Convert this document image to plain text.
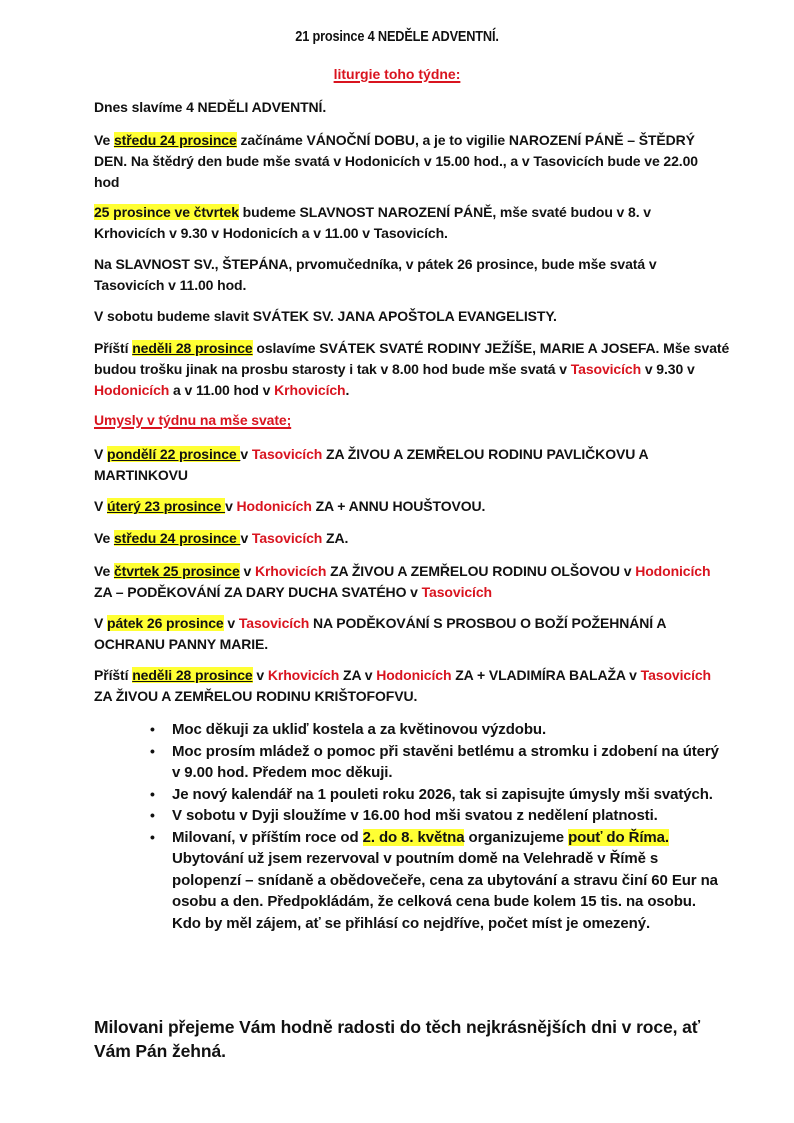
21 prosince 4 NEDĚLE ADVENTNÍ.
liturgie toho týdne:
Dnes slavíme 4 NEDĚLI ADVENTNÍ.
Ve středu 24 prosince začínáme VÁNOČNÍ DOBU, a je to vigilie NAROZENÍ PÁNĚ – ŠTĚDRÝ DEN. Na štědrý den bude mše svatá v Hodonicích v 15.00 hod., a v Tasovicích bude ve 22.00 hod
25 prosince ve čtvrtek budeme SLAVNOST NAROZENÍ PÁNĚ, mše svaté budou v 8. v Krhovicích v 9.30 v Hodonicích a v 11.00 v Tasovicích.
Na SLAVNOST SV., ŠTEPÁNA, prvomučedníka, v pátek 26 prosince, bude mše svatá v Tasovicích v 11.00 hod.
V sobotu budeme slavit SVÁTEK SV. JANA APOŠTOLA EVANGELISTY.
Příští neděli 28 prosince oslavíme SVÁTEK SVATÉ RODINY JEŽÍŠE, MARIE A JOSEFA. Mše svaté budou trošku jinak na prosbu starosty i tak v 8.00 hod bude mše svatá v Tasovicích v 9.30 v Hodonicích a v 11.00 hod v Krhovicích.
Umysly v týdnu na mše svate;
V pondělí 22 prosince v Tasovicích ZA ŽIVOU A ZEMŘELOU RODINU PAVLIČKOVU A MARTINKOVU
V úterý 23 prosince v Hodonicích ZA + ANNU HOUŠTOVOU.
Ve středu 24 prosince v Tasovicích ZA.
Ve čtvrtek 25 prosince v Krhovicích ZA ŽIVOU A ZEMŘELOU RODINU OLŠOVOU v Hodonicích ZA – PODĚKOVÁNÍ ZA DARY DUCHA SVATÉHO v Tasovicích
V pátek 26 prosince v Tasovicích NA PODĚKOVÁNÍ S PROSBOU O BOŽÍ POŽEHNÁNÍ A OCHRANU PANNY MARIE.
Příští neděli 28 prosince v Krhovicích ZA v Hodonicích ZA + VLADIMÍRA BALAŽA v Tasovicích ZA ŽIVOU A ZEMŘELOU RODINU KRIŠTOFOFVU.
• Moc děkuji za ukliď kostela a za květinovou výzdobu.
• Moc prosím mládež o pomoc při stavěni betlému a stromku i zdobení na úterý v 9.00 hod. Předem moc děkuji.
• Je nový kalendář na 1 pouleti roku 2026, tak si zapisujte úmysly mši svatých.
• V sobotu v Dyji sloužíme v 16.00 hod mši svatou z nedělení platnosti.
• Milovaní, v příštím roce od 2. do 8. května organizujeme pouť do Říma. Ubytování už jsem rezervoval v poutním domě na Velehradě v Římě s polopenzí – snídaně a obědovečeře, cena za ubytování a stravu činí 60 Eur na osobu a den. Předpokládám, že celková cena bude kolem 15 tis. na osobu. Kdo by měl zájem, ať se přihlásí co nejdříve, počet míst je omezený.
Milovani přejeme Vám hodně radosti do těch nejkrásnějších dni v roce, ať Vám Pán žehná.
